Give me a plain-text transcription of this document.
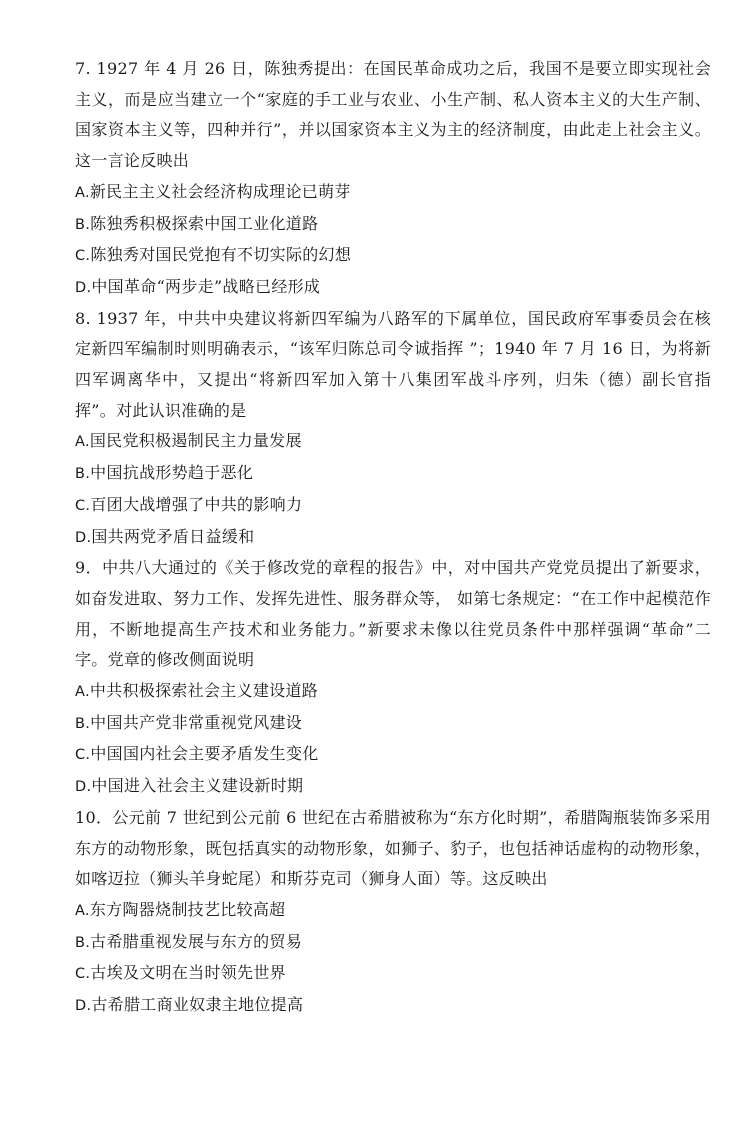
7. 1927 年 4 月 26 日，陈独秀提出：在国民革命成功之后，我国不是要立即实现社会主义，而是应当建立一个“家庭的手工业与农业、小生产制、私人资本主义的大生产制、国家资本主义等，四种并行”，并以国家资本主义为主的经济制度，由此走上社会主义。这一言论反映出

A.新民主主义社会经济构成理论已萌芽
B.陈独秀积极探索中国工业化道路
C.陈独秀对国民党抱有不切实际的幻想
D.中国革命“两步走”战略已经形成

8. 1937 年，中共中央建议将新四军编为八路军的下属单位，国民政府军事委员会在核定新四军编制时则明确表示，“该军归陈总司令诚指挥 ”；1940 年 7 月 16 日，为将新四军调离华中，又提出“将新四军加入第十八集团军战斗序列，归朱（德）副长官指挥”。对此认识准确的是

A.国民党积极遏制民主力量发展
B.中国抗战形势趋于恶化
C.百团大战增强了中共的影响力
D.国共两党矛盾日益缓和

9．中共八大通过的《关于修改党的章程的报告》中，对中国共产党党员提出了新要求，如奋发进取、努力工作、发挥先进性、服务群众等， 如第七条规定：“在工作中起模范作用，不断地提高生产技术和业务能力。”新要求未像以往党员条件中那样强调“革命”二字。党章的修改侧面说明

A.中共积极探索社会主义建设道路
B.中国共产党非常重视党风建设
C.中国国内社会主要矛盾发生变化
D.中国进入社会主义建设新时期

10．公元前 7 世纪到公元前 6 世纪在古希腊被称为“东方化时期”，希腊陶瓶装饰多采用东方的动物形象，既包括真实的动物形象，如狮子、豹子，也包括神话虚构的动物形象，如喀迈拉（狮头羊身蛇尾）和斯芬克司（狮身人面）等。这反映出

A.东方陶器烧制技艺比较高超
B.古希腊重视发展与东方的贸易
C.古埃及文明在当时领先世界
D.古希腊工商业奴隶主地位提高
